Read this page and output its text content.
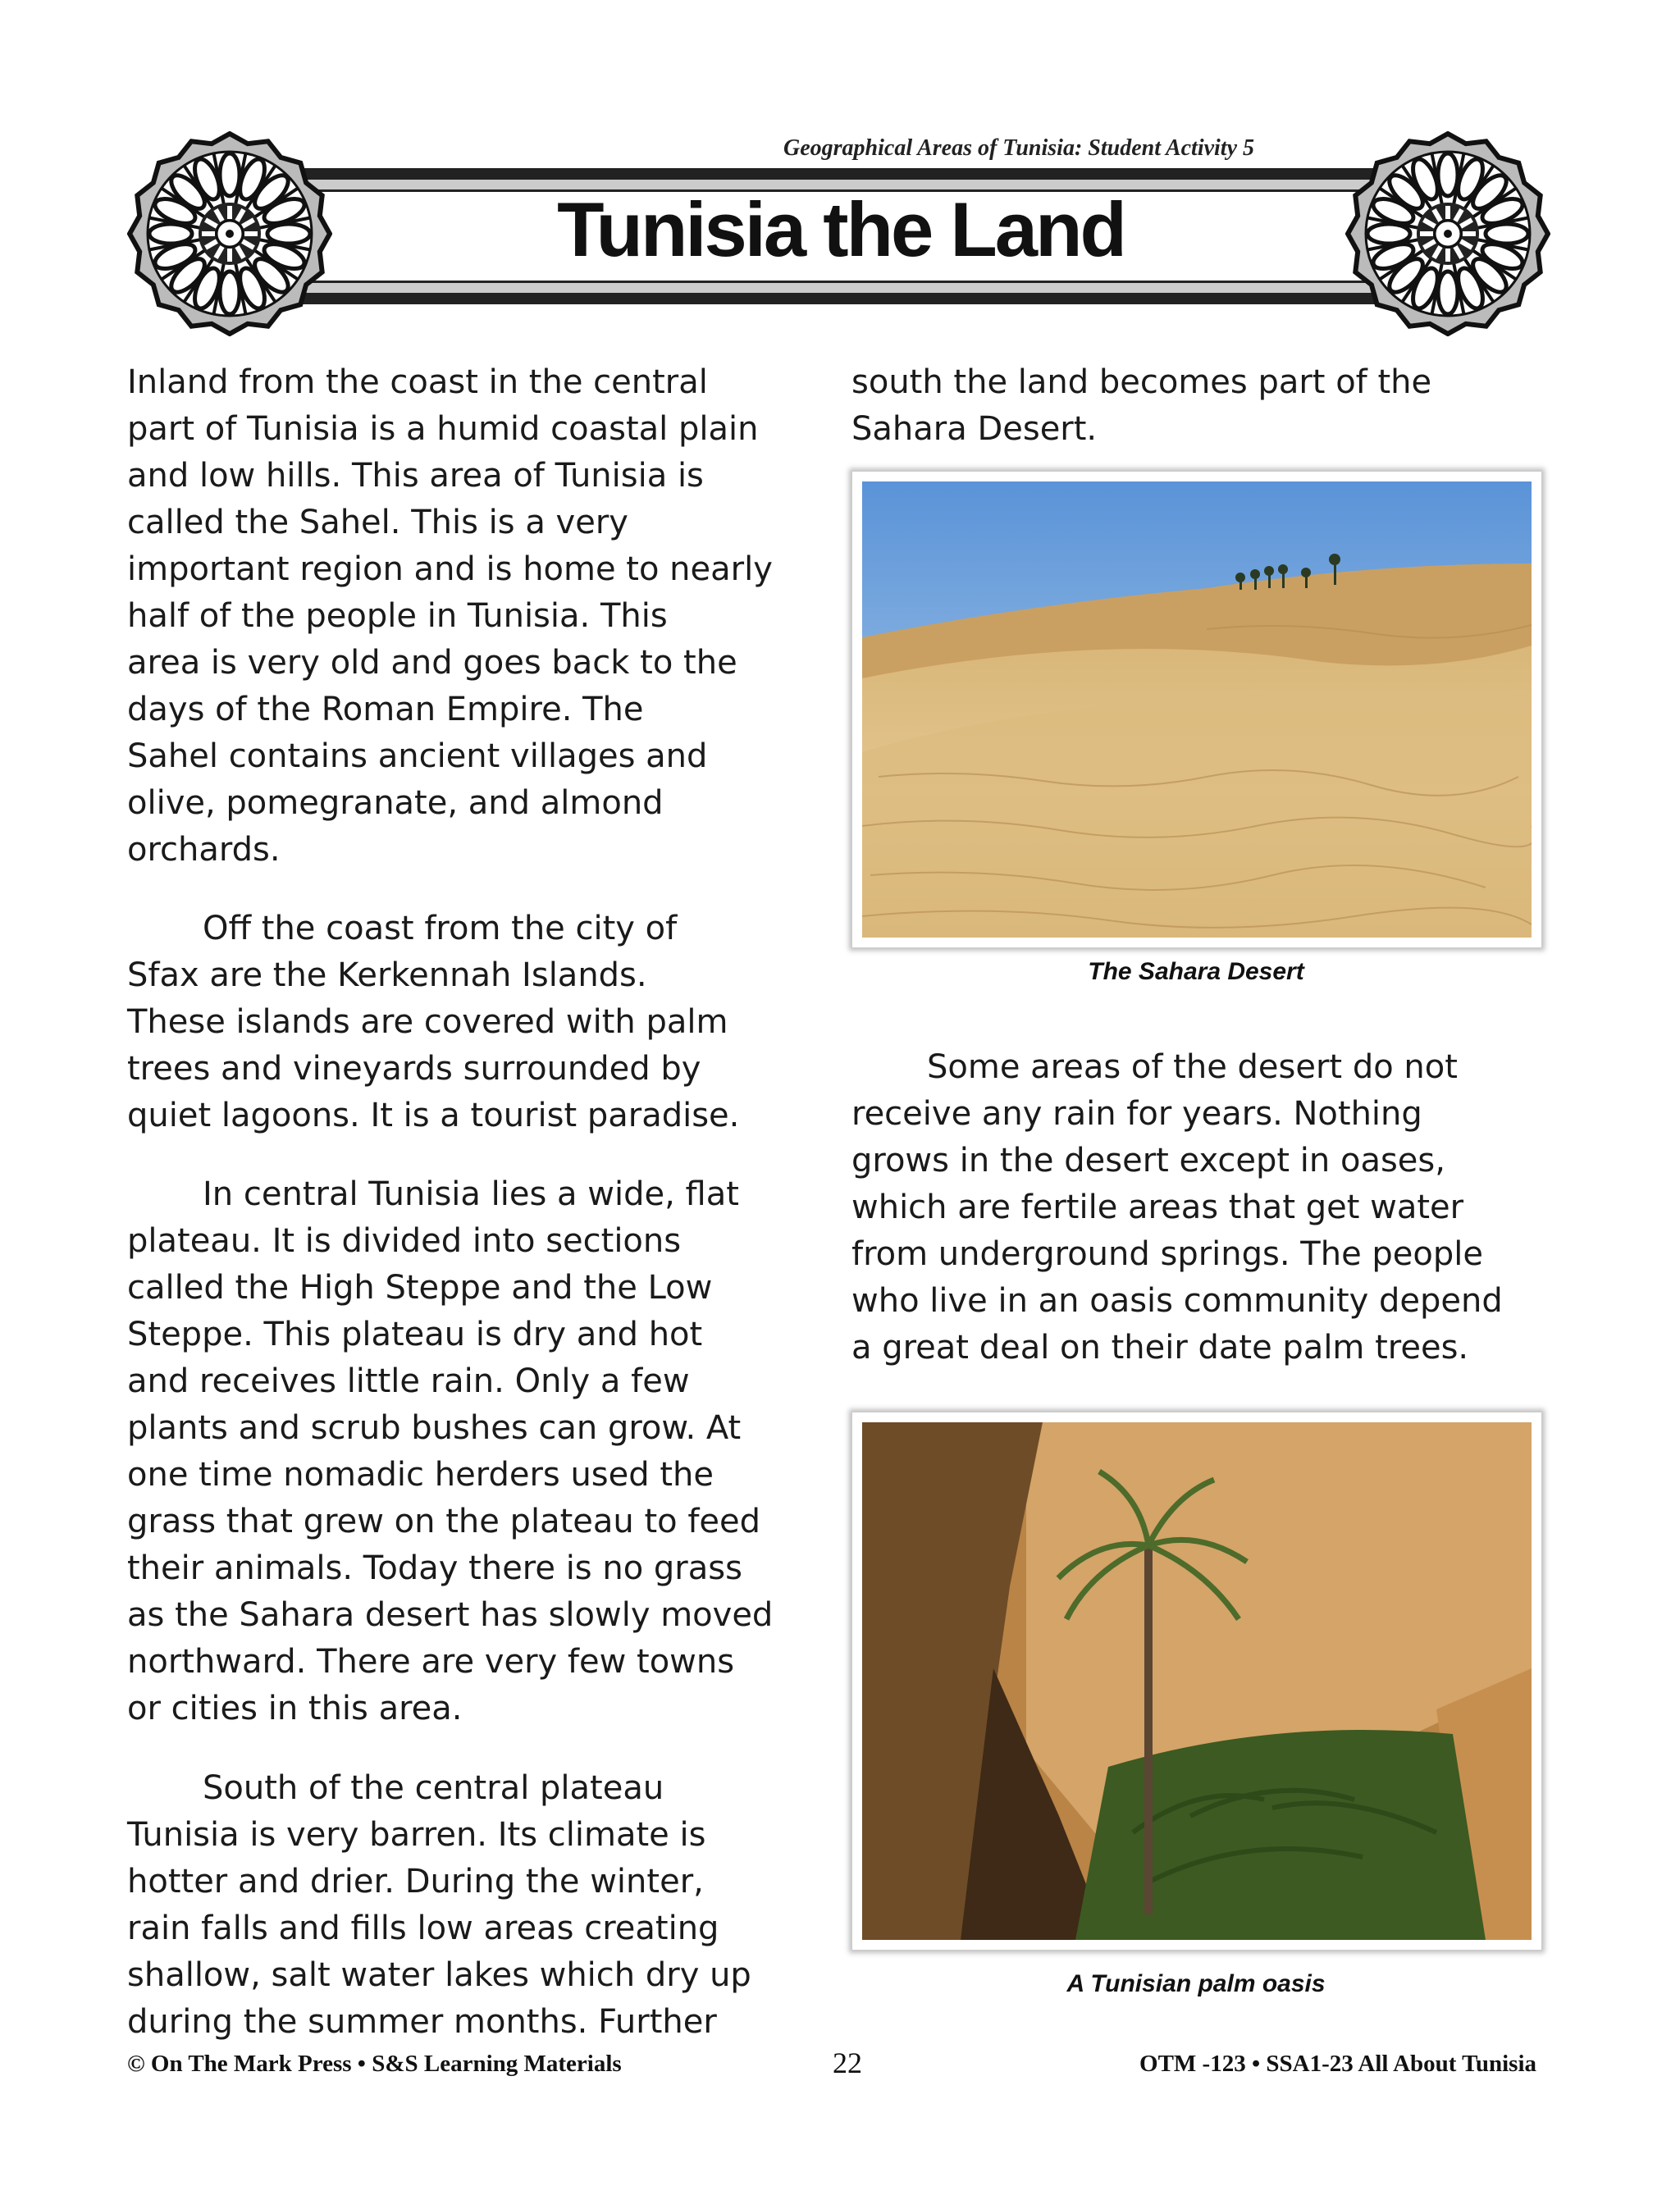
Geographical Areas of Tunisia: Student Activity 5
Tunisia the Land
Inland from the coast in the central
part of Tunisia is a humid coastal plain
and low hills. This area of Tunisia is
called the Sahel. This is a very
important region and is home to nearly
half of the people in Tunisia. This
area is very old and goes back to the
days of the Roman Empire. The
Sahel contains ancient villages and
olive, pomegranate, and almond
orchards.
Off the coast from the city of
Sfax are the Kerkennah Islands.
These islands are covered with palm
trees and vineyards surrounded by
quiet lagoons. It is a tourist paradise.
In central Tunisia lies a wide, flat
plateau. It is divided into sections
called the High Steppe and the Low
Steppe. This plateau is dry and hot
and receives little rain. Only a few
plants and scrub bushes can grow. At
one time nomadic herders used the
grass that grew on the plateau to feed
their animals. Today there is no grass
as the Sahara desert has slowly moved
northward. There are very few towns
or cities in this area.
South of the central plateau
Tunisia is very barren. Its climate is
hotter and drier. During the winter,
rain falls and fills low areas creating
shallow, salt water lakes which dry up
during the summer months. Further
south the land becomes part of the
Sahara Desert.
Some areas of the desert do not
receive any rain for years. Nothing
grows in the desert except in oases,
which are fertile areas that get water
from underground springs. The people
who live in an oasis community depend
a great deal on their date palm trees.
The Sahara Desert
A Tunisian palm oasis
© On The Mark Press • S&S Learning Materials	22	OTM -123 • SSA1-23 All About Tunisia
